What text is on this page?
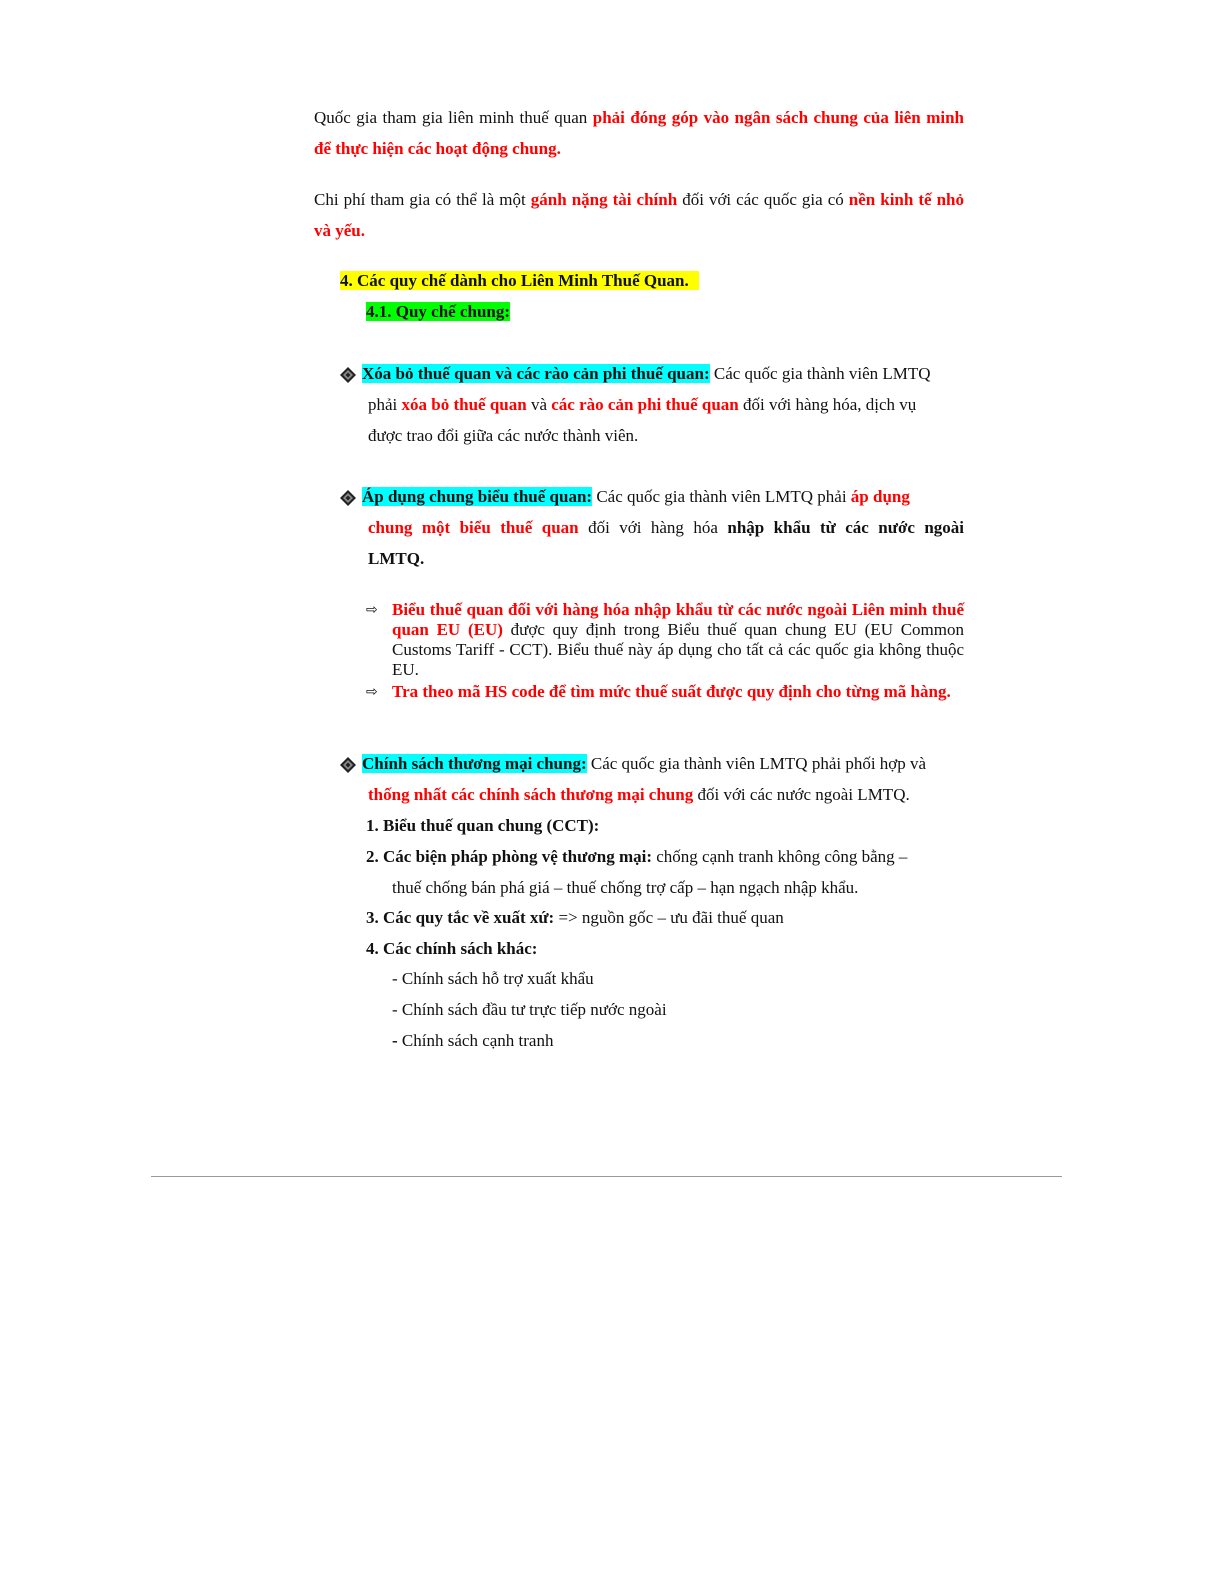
Quốc gia tham gia liên minh thuế quan phải đóng góp vào ngân sách chung của liên minh để thực hiện các hoạt động chung.

Chi phí tham gia có thể là một gánh nặng tài chính đối với các quốc gia có nền kinh tế nhỏ và yếu.

4. Các quy chế dành cho Liên Minh Thuế Quan.
4.1. Quy chế chung:

Xóa bỏ thuế quan và các rào cản phi thuế quan: Các quốc gia thành viên LMTQ

phải xóa bỏ thuế quan và các rào cản phi thuế quan đối với hàng hóa, dịch vụ

được trao đổi giữa các nước thành viên.

Áp dụng chung biểu thuế quan: Các quốc gia thành viên LMTQ phải áp dụng

chung một biểu thuế quan đối với hàng hóa nhập khẩu từ các nước ngoài

LMTQ.

⇨ Biểu thuế quan đối với hàng hóa nhập khẩu từ các nước ngoài Liên minh thuế quan EU (EU) được quy định trong Biểu thuế quan chung EU (EU Common Customs Tariff - CCT). Biểu thuế này áp dụng cho tất cả các quốc gia không thuộc EU.
⇨ Tra theo mã HS code để tìm mức thuế suất được quy định cho từng mã hàng.

Chính sách thương mại chung: Các quốc gia thành viên LMTQ phải phối hợp và

thống nhất các chính sách thương mại chung đối với các nước ngoài LMTQ.

1. Biểu thuế quan chung (CCT):

2. Các biện pháp phòng vệ thương mại: chống cạnh tranh không công bằng –

thuế chống bán phá giá – thuế chống trợ cấp – hạn ngạch nhập khẩu.

3. Các quy tắc về xuất xứ: => nguồn gốc – ưu đãi thuế quan

4. Các chính sách khác:

- Chính sách hỗ trợ xuất khẩu

- Chính sách đầu tư trực tiếp nước ngoài

- Chính sách cạnh tranh
